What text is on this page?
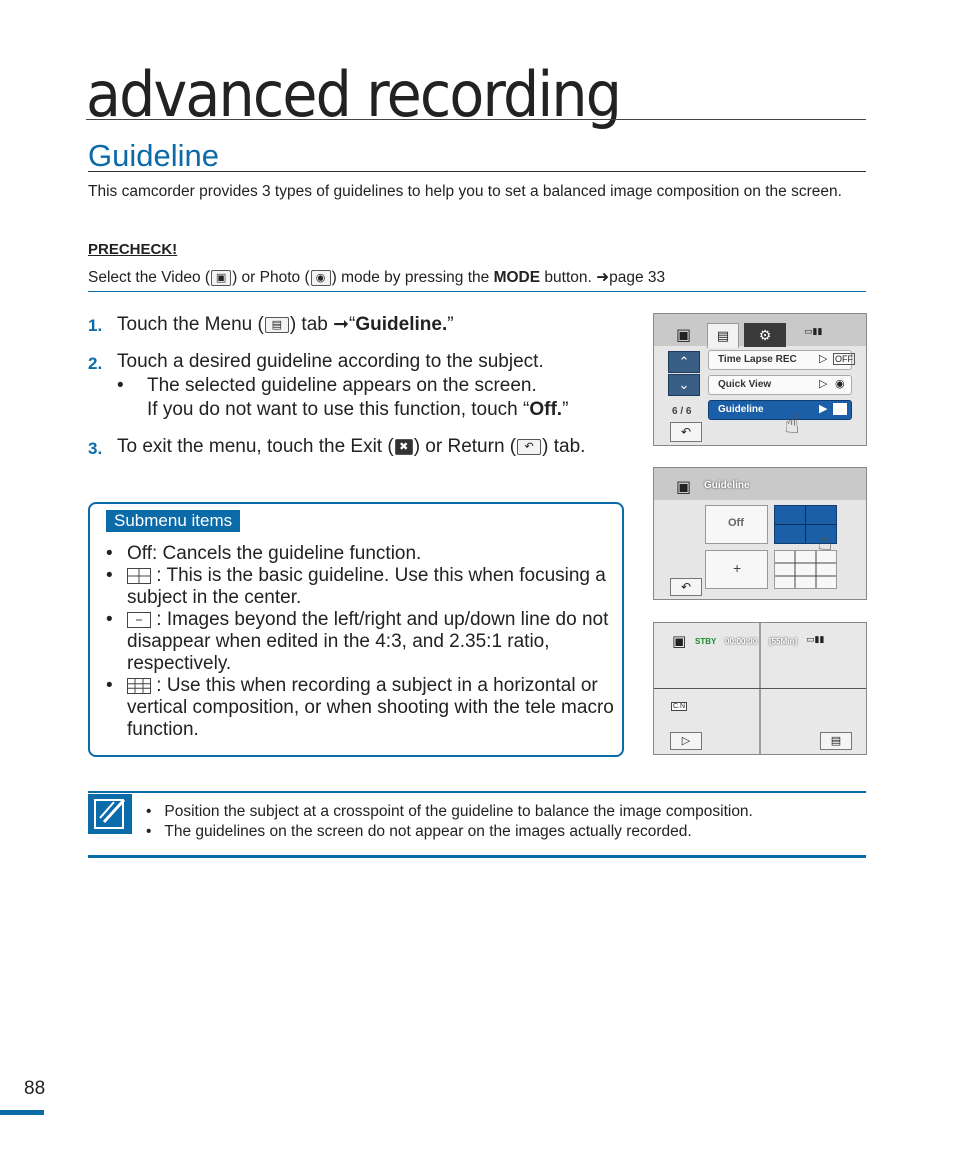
advanced recording
Guideline
This camcorder provides 3 types of guidelines to help you to set a balanced image composition on the screen.
PRECHECK!
Select the Video ( ▣ ) or Photo ( ◉ ) mode by pressing the MODE button. ➜page 33
1. Touch the Menu ( ▤ ) tab ➞“Guideline.”
2. Touch a desired guideline according to the subject.
• The selected guideline appears on the screen.
If you do not want to use this function, touch “Off.”
3. To exit the menu, touch the Exit ( ✖ ) or Return ( ↶ ) tab.
Submenu items
• Off: Cancels the guideline function.
•	: This is the basic guideline. Use this when focusing a subject in the center.
•	: Images beyond the left/right and up/down line do not disappear when edited in the 4:3, and 2.35:1 ratio, respectively.
•	: Use this when recording a subject in a horizontal or vertical composition, or when shooting with the tele macro function.
▣	▤	⚙	▭▮▮
⌃
⌄
6 / 6
Time Lapse REC ▷ OFF
Quick View	▷ ◉
Guideline	▶
☝
↶
▣ Guideline
Off
+
☝
↶
▣ STBY 00:00:00 [55Min] ▭▮▮
C.N
▷	▤
•   Position the subject at a crosspoint of the guideline to balance the image composition.
•   The guidelines on the screen do not appear on the images actually recorded.
88
